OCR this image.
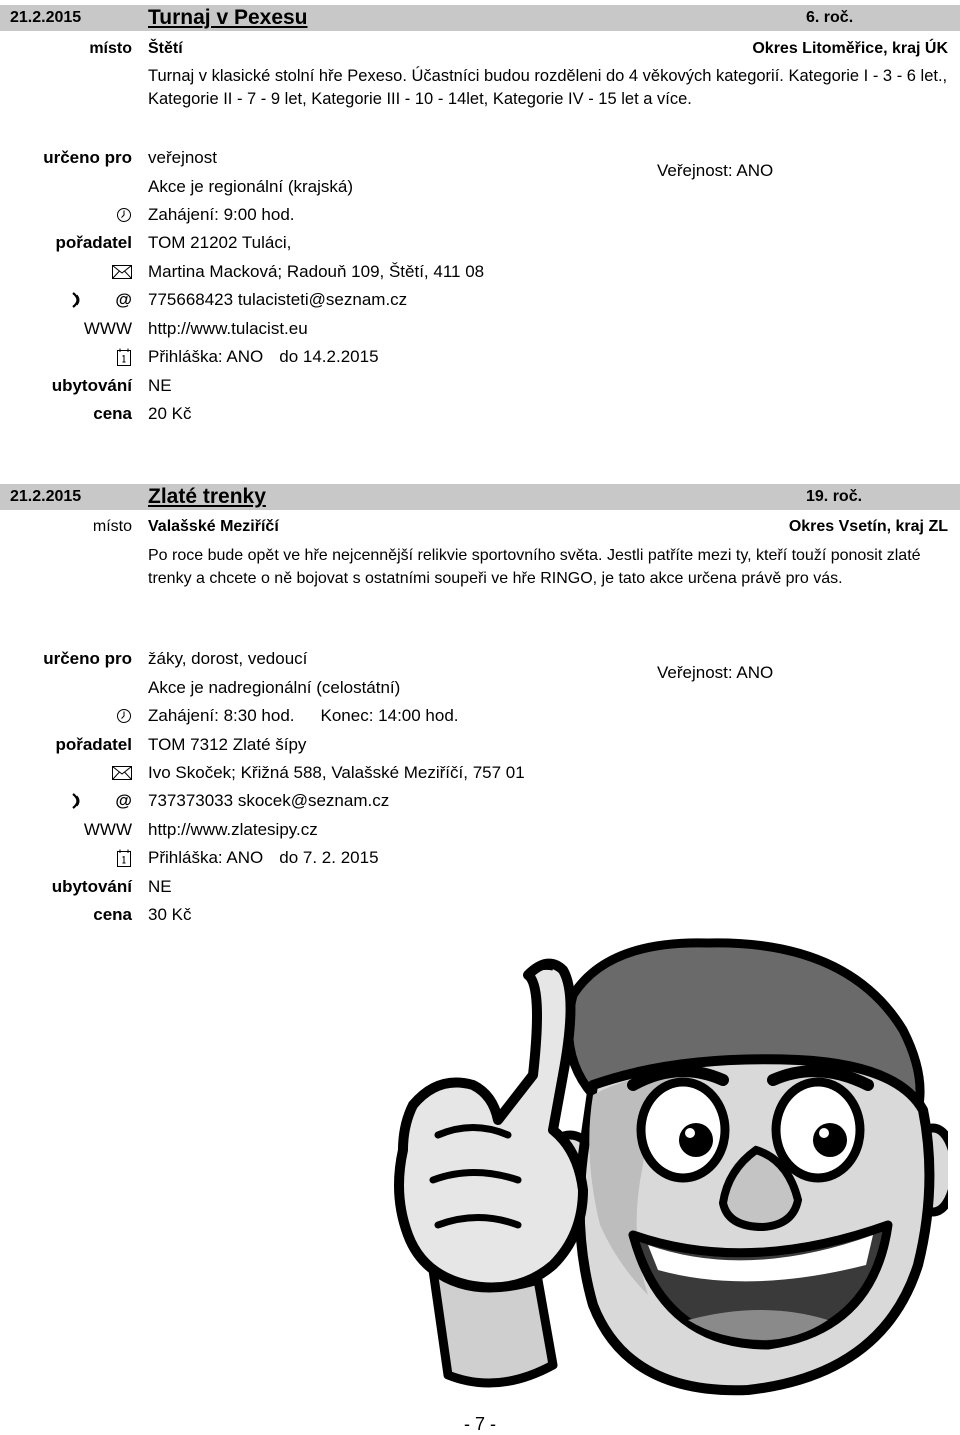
21.2.2015	Turnaj v Pexesu	6. roč.
místo Štětí	Okres Litoměřice, kraj ÚK
Turnaj v klasické stolní hře Pexeso. Účastníci budou rozděleni do 4 věkových kategorií. Kategorie I - 3 - 6 let., Kategorie II - 7 - 9 let, Kategorie III - 10 - 14let, Kategorie IV - 15 let a více.
Veřejnost: ANO
určeno pro veřejnost
Akce je regionální (krajská)
Zahájení: 9:00 hod.
pořadatel TOM 21202 Tuláci,
Martina Macková; Radouň 109, Štětí, 411 08
@ 775668423 tulacisteti@seznam.cz
WWW http://www.tulacist.eu
Přihláška: ANO do 14.2.2015
ubytování NE
cena 20 Kč
21.2.2015	Zlaté trenky	19. roč.
místo Valašské Meziříčí	Okres Vsetín, kraj ZL
Po roce bude opět ve hře nejcennější relikvie sportovního světa. Jestli patříte mezi ty, kteří touží ponosit zlaté trenky a chcete o ně bojovat s ostatními soupeři ve hře RINGO, je tato akce určena právě pro vás.
Veřejnost: ANO
určeno pro žáky, dorost, vedoucí
Akce je nadregionální (celostátní)
Zahájení: 8:30 hod. Konec: 14:00 hod.
pořadatel TOM 7312 Zlaté šípy
Ivo Skoček; Křižná 588, Valašské Meziříčí, 757 01
@ 737373033 skocek@seznam.cz
WWW http://www.zlatesipy.cz
Přihláška: ANO do 7. 2. 2015
ubytování NE
cena 30 Kč
- 7 -
